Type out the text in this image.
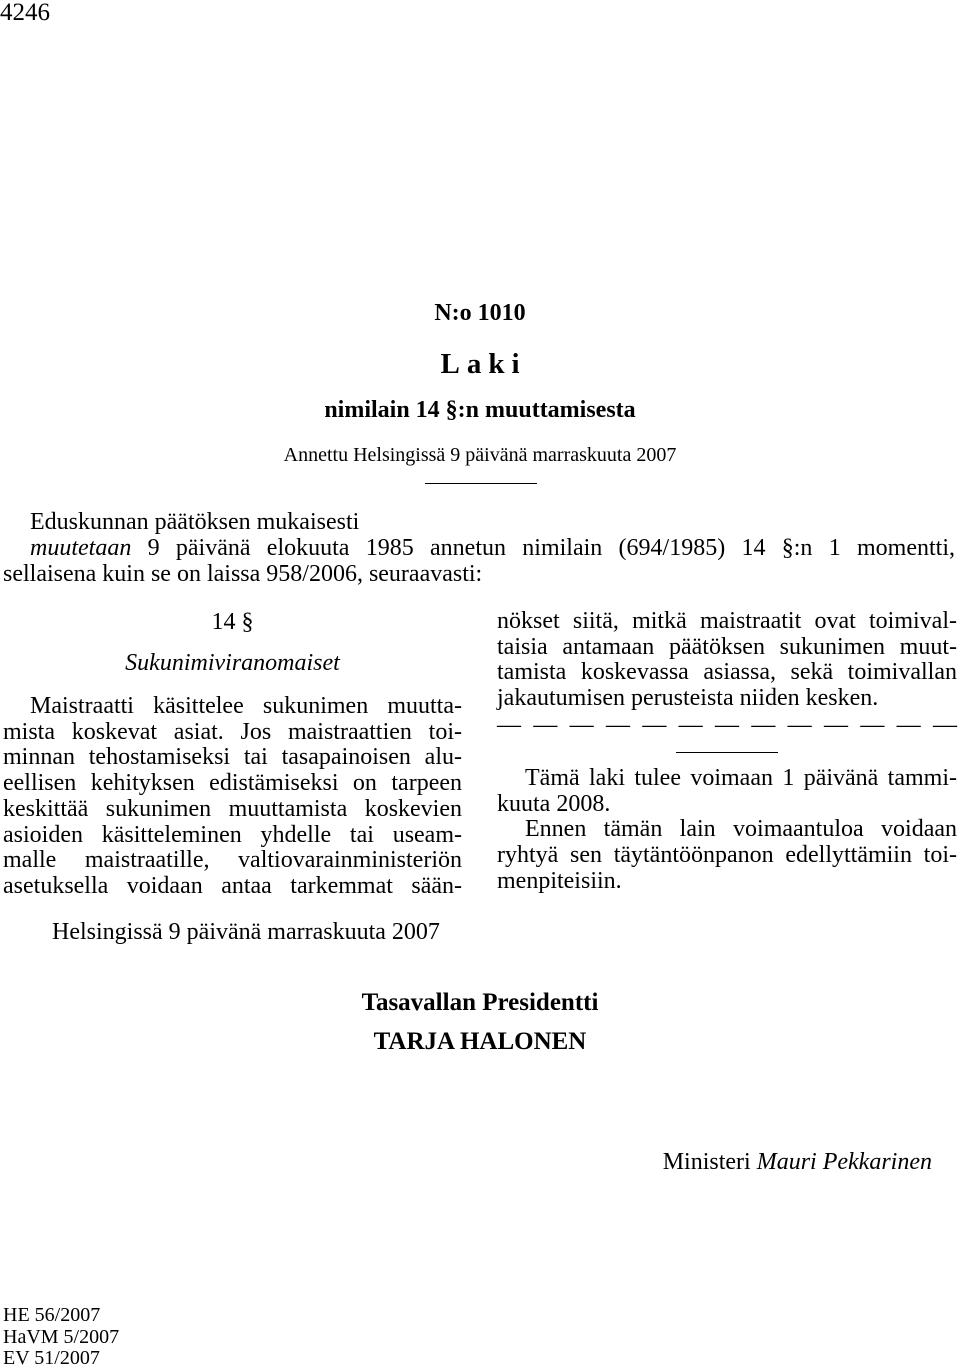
4246
N:o 1010
Laki
nimilain 14 §:n muuttamisesta
Annettu Helsingissä 9 päivänä marraskuuta 2007
Eduskunnan päätöksen mukaisesti
muutetaan 9 päivänä elokuuta 1985 annetun nimilain (694/1985) 14 §:n 1 momentti,
sellaisena kuin se on laissa 958/2006, seuraavasti:
14 §
Sukunimiviranomaiset
Maistraatti käsittelee sukunimen muutta-
mista koskevat asiat. Jos maistraattien toi-
minnan tehostamiseksi tai tasapainoisen alu-
eellisen kehityksen edistämiseksi on tarpeen
keskittää sukunimen muuttamista koskevien
asioiden käsitteleminen yhdelle tai useam-
malle maistraatille, valtiovarainministeriön
asetuksella voidaan antaa tarkemmat sään-
nökset siitä, mitkä maistraatit ovat toimival-
taisia antamaan päätöksen sukunimen muut-
tamista koskevassa asiassa, sekä toimivallan
jakautumisen perusteista niiden kesken.
— — — — — — — — — — — — —
Tämä laki tulee voimaan 1 päivänä tammi-
kuuta 2008.
Ennen tämän lain voimaantuloa voidaan
ryhtyä sen täytäntöönpanon edellyttämiin toi-
menpiteisiin.
Helsingissä 9 päivänä marraskuuta 2007
Tasavallan Presidentti
TARJA HALONEN
Ministeri Mauri Pekkarinen
HE 56/2007
HaVM 5/2007
EV 51/2007
